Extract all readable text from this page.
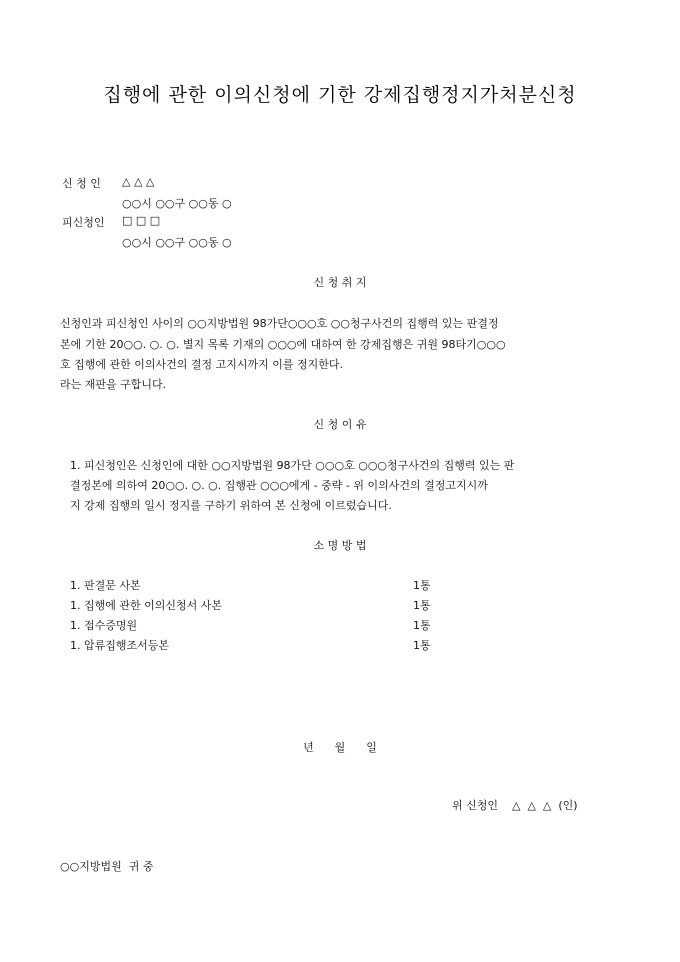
집행에 관한 이의신청에 기한 강제집행정지가처분신청
신 청 인 △ △ △
○○시 ○○구 ○○동 ○
피신청인 □ □ □
○○시 ○○구 ○○동 ○
신 청 취 지
신청인과 피신청인 사이의 ○○지방법원 98가단○○○호 ○○청구사건의 집행력 있는 판결정
본에 기한 20○○. ○. ○. 별지 목록 기재의 ○○○에 대하여 한 강제집행은 귀원 98타기○○○
호 집행에 관한 이의사건의 결정 고지시까지 이를 정지한다.
라는 재판을 구합니다.
신 청 이 유
1. 피신청인은 신청인에 대한 ○○지방법원 98가단 ○○○호 ○○○청구사건의 집행력 있는 판
결정본에 의하여 20○○. ○. ○. 집행관 ○○○에게 - 중략 - 위 이의사건의 결정고지시까
지 강제 집행의 일시 정지를 구하기 위하여 본 신청에 이르렀습니다.
소 명 방 법
1. 판결문 사본	1통
1. 집행에 관한 이의신청서 사본	1통
1. 접수증명원	1통
1. 압류집행조서등본	1통
년      월      일
위 신청인    △  △  △  (인)
○○지방법원  귀 중
